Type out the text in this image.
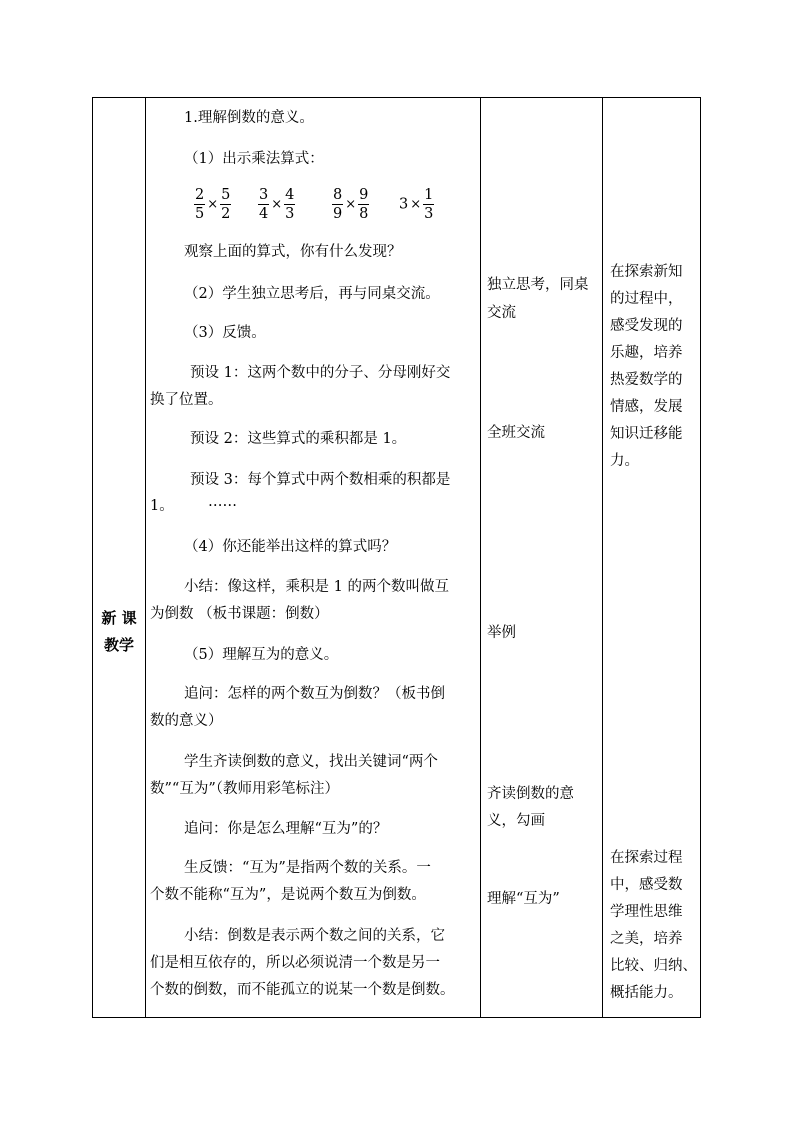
新 课
教学
1.理解倒数的意义。
（1）出示乘法算式：
$\frac{2}{5} \times \frac{5}{2} \frac{3}{4} \times \frac{4}{3}$	$\frac{8}{9} \times \frac{9}{8} 3 \times \frac{1}{3}$
观察上面的算式，你有什么发现？
（2）学生独立思考后，再与同桌交流。
（3）反馈。
预设 1：这两个数中的分子、分母刚好交
换了位置。
预设 2：这些算式的乘积都是 1。
预设 3：每个算式中两个数相乘的积都是
1。 ……
（4）你还能举出这样的算式吗？
小结：像这样，乘积是 1 的两个数叫做互
为倒数 （板书课题：倒数）
（5）理解互为的意义。
追问：怎样的两个数互为倒数？（板书倒
数的意义）
学生齐读倒数的意义，找出关键词“两个
数”“互为”（教师用彩笔标注）
追问：你是怎么理解“互为”的？
生反馈：“互为”是指两个数的关系。一
个数不能称“互为”，是说两个数互为倒数。
小结：倒数是表示两个数之间的关系，它
们是相互依存的，所以必须说清一个数是另一
个数的倒数，而不能孤立的说某一个数是倒数。
独立思考，同桌
交流
全班交流
举例
齐读倒数的意
义，勾画
理解“互为”
在探索新知
的过程中，
感受发现的
乐趣，培养
热爱数学的
情感，发展
知识迁移能
力。
在探索过程
中，感受数
学理性思维
之美，培养
比较、归纳、
概括能力。
